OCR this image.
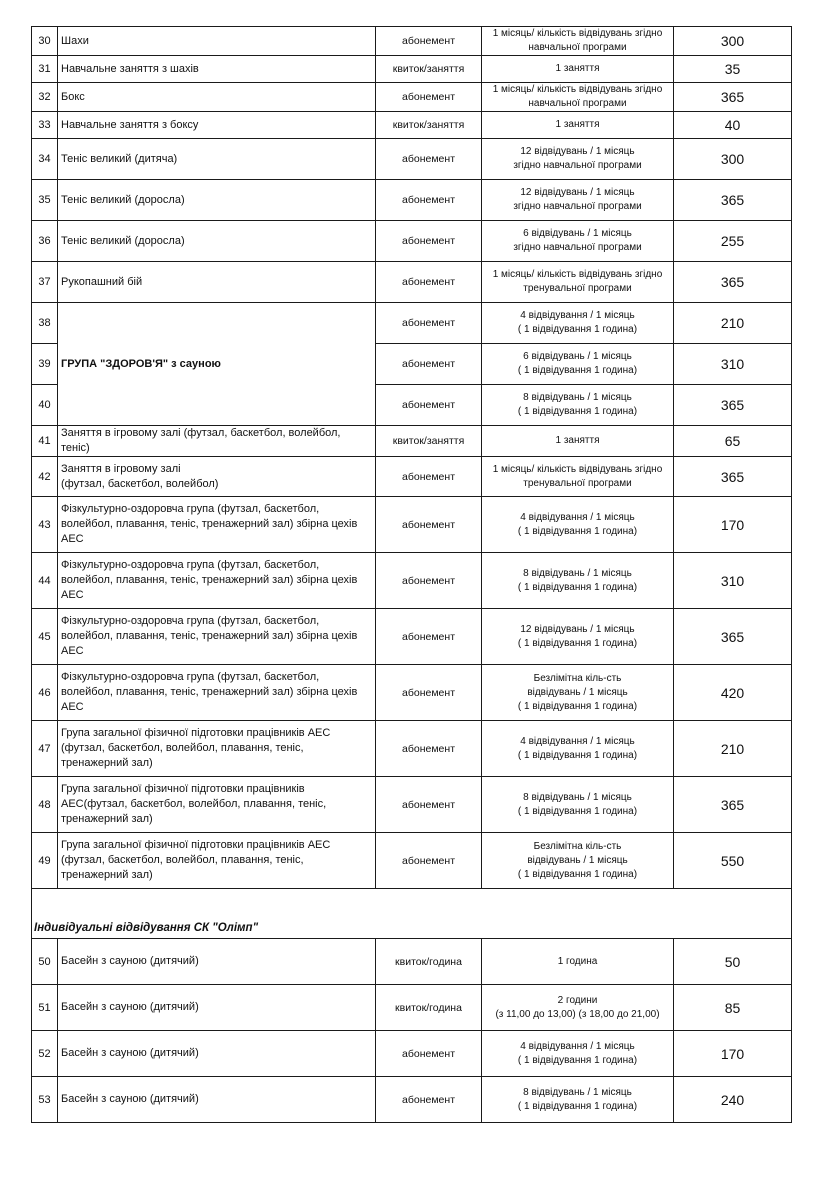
30	Шахи	абонемент	1 місяць/ кількість відвідувань згідно
навчальної програми	300
31	Навчальне заняття з шахів	квиток/заняття	1 заняття	35
32	Бокс	абонемент	1 місяць/ кількість відвідувань згідно
навчальної програми	365
33	Навчальне заняття з боксу	квиток/заняття	1 заняття	40
34	Теніс великий (дитяча)	абонемент	12 відвідувань / 1 місяць
згідно навчальної програми	300
35	Теніс великий (доросла)	абонемент	12 відвідувань / 1 місяць
згідно навчальної програми	365
36	Теніс великий (доросла)	абонемент	6 відвідувань / 1 місяць
згідно навчальної програми	255
37	Рукопашний бій	абонемент	1 місяць/ кількість відвідувань згідно
тренувальної програми	365
38	ГРУПА "ЗДОРОВ'Я" з сауною	абонемент	4 відвідування / 1 місяць
( 1 відвідування 1 година)	210
39		абонемент	6 відвідувань / 1 місяць
( 1 відвідування 1 година)	310
40		абонемент	8 відвідувань / 1 місяць
( 1 відвідування 1 година)	365
41	Заняття в ігровому залі (футзал, баскетбол, волейбол, теніс)	квиток/заняття	1 заняття	65
42	Заняття в ігровому залі
(футзал, баскетбол, волейбол)	абонемент	1 місяць/ кількість відвідувань згідно
тренувальної програми	365
43	Фізкультурно-оздоровча група (футзал, баскетбол,
волейбол, плавання, теніс, тренажерний зал) збірна цехів
АЕС	абонемент	4 відвідування / 1 місяць
( 1 відвідування 1 година)	170
44	Фізкультурно-оздоровча група (футзал, баскетбол,
волейбол, плавання, теніс, тренажерний зал) збірна цехів
АЕС	абонемент	8 відвідувань / 1 місяць
( 1 відвідування 1 година)	310
45	Фізкультурно-оздоровча група (футзал, баскетбол,
волейбол, плавання, теніс, тренажерний зал) збірна цехів
АЕС	абонемент	12 відвідувань / 1 місяць
( 1 відвідування 1 година)	365
46	Фізкультурно-оздоровча група (футзал, баскетбол,
волейбол, плавання, теніс, тренажерний зал) збірна цехів
АЕС	абонемент	Безлімітна кіль-сть
відвідувань / 1 місяць
( 1 відвідування 1 година)	420
47	Група загальної фізичної підготовки працівників АЕС
(футзал, баскетбол, волейбол, плавання, теніс,
тренажерний зал)	абонемент	4 відвідування / 1 місяць
( 1 відвідування 1 година)	210
48	Група загальної фізичної підготовки працівників
АЕС(футзал, баскетбол, волейбол, плавання, теніс,
тренажерний зал)	абонемент	8 відвідувань / 1 місяць
( 1 відвідування 1 година)	365
49	Група загальної фізичної підготовки працівників АЕС
(футзал, баскетбол, волейбол, плавання, теніс,
тренажерний зал)	абонемент	Безлімітна кіль-сть
відвідувань / 1 місяць
( 1 відвідування 1 година)	550
Індивідуальні відвідування СК "Олімп"				
50	Басейн з сауною (дитячий)	квиток/година	1 година	50
51	Басейн з сауною (дитячий)	квиток/година	2 години
(з 11,00 до 13,00) (з 18,00 до 21,00)	85
52	Басейн з сауною (дитячий)	абонемент	4 відвідування / 1 місяць
( 1 відвідування 1 година)	170
53	Басейн з сауною (дитячий)	абонемент	8 відвідувань / 1 місяць
( 1 відвідування 1 година)	240
